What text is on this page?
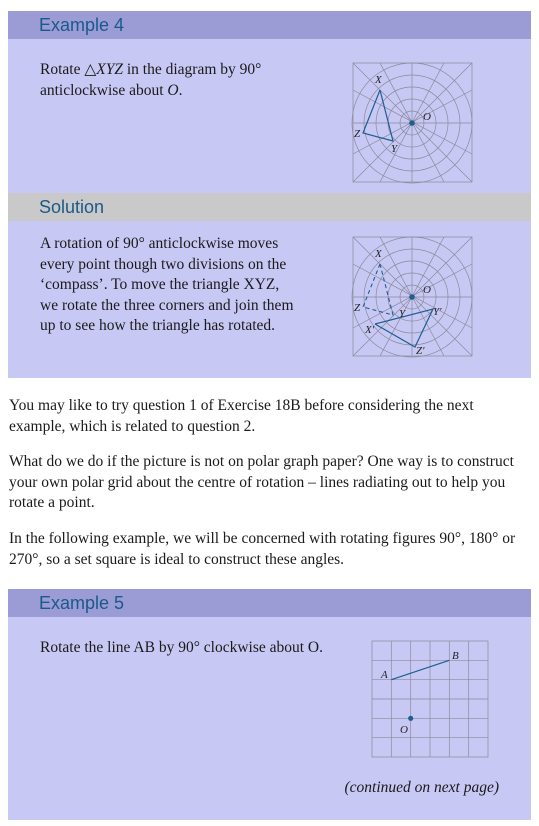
Example 4
Rotate △XYZ in the diagram by 90° anticlockwise about O.
X
Y
Z
O
Solution
A rotation of 90° anticlockwise moves
every point though two divisions on the
‘compass’. To move the triangle XYZ,
we rotate the three corners and join them
up to see how the triangle has rotated.
X
Y
Z
O
X′
Y′
Z′

You may like to try question 1 of Exercise 18B before considering the next example, which is related to question 2.

What do we do if the picture is not on polar graph paper? One way is to construct your own polar grid about the centre of rotation – lines radiating out to help you rotate a point.

In the following example, we will be concerned with rotating figures 90°, 180° or 270°, so a set square is ideal to construct these angles.

Example 5
Rotate the line AB by 90° clockwise about O.
A
B
O
(continued on next page)
